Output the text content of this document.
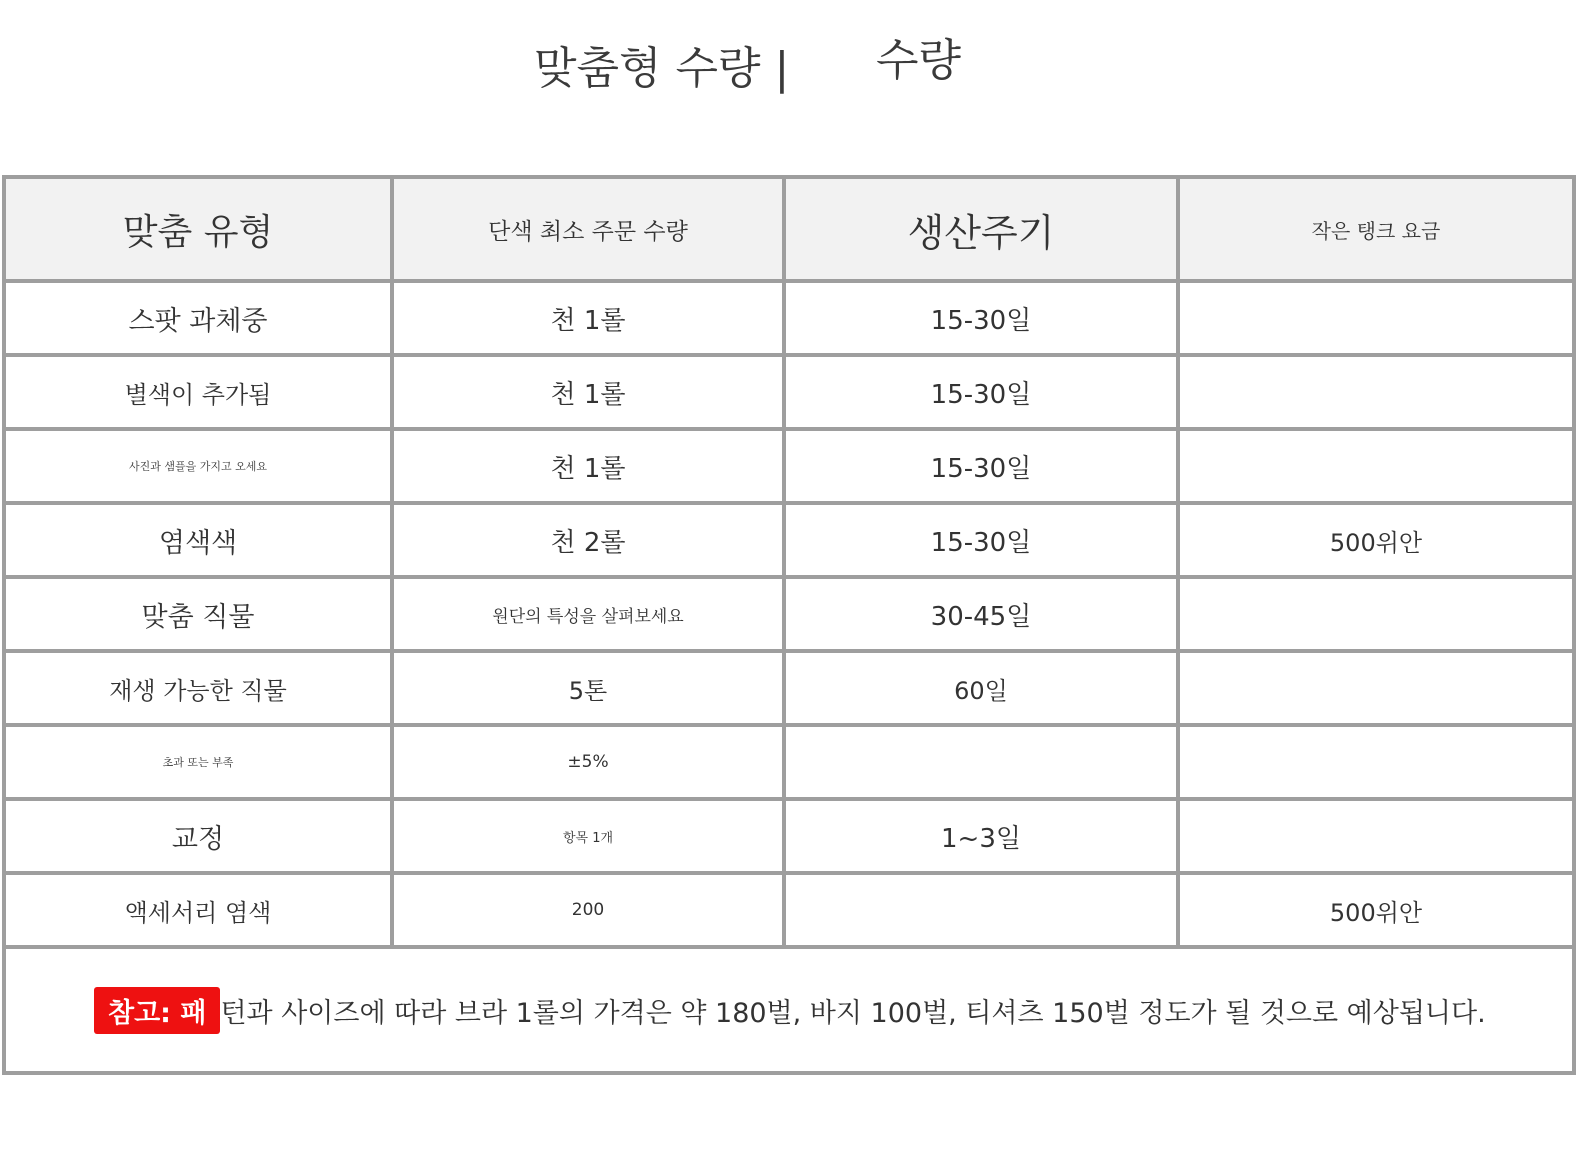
맞춤형 수량 | 수량
맞춤 유형	단색 최소 주문 수량	생산주기	작은 탱크 요금
스팟 과체중	천 1롤	15-30일	
별색이 추가됨	천 1롤	15-30일	
사진과 샘플을 가지고 오세요	천 1롤	15-30일	
염색색	천 2롤	15-30일	500위안
맞춤 직물	원단의 특성을 살펴보세요	30-45일	
재생 가능한 직물	5톤	60일	
초과 또는 부족	±5%		
교정	항목 1개	1~3일	
액세서리 염색	200		500위안

참고: 패 턴과 사이즈에 따라 브라 1롤의 가격은 약 180벌, 바지 100벌, 티셔츠 150벌 정도가 될 것으로 예상됩니다.			
